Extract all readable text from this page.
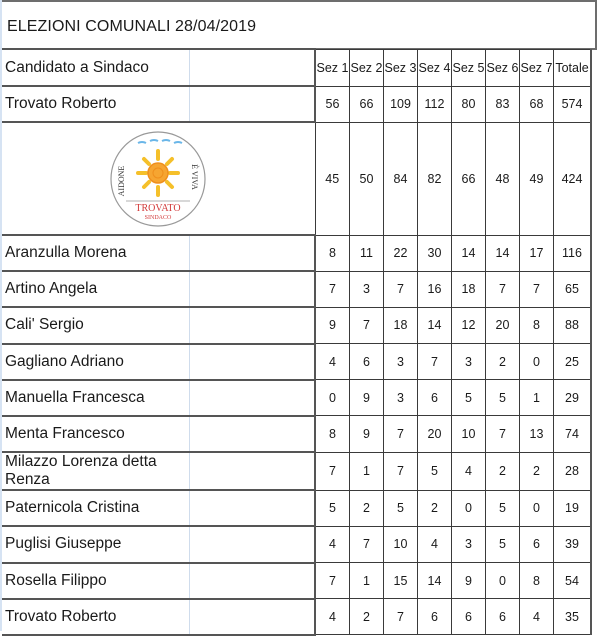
ELEZIONI COMUNALI 28/04/2019
Candidato a Sindaco		Sez 1	Sez 2	Sez 3	Sez 4	Sez 5	Sez 6	Sez 7	Totale
Trovato Roberto		56	66	109	112	80	83	68	574

AIDONE È VIVA
TROVATO
SINDACO		45	50	84	82	66	48	49	424
Aranzulla Morena		8	11	22	30	14	14	17	116
Artino Angela		7	3	7	16	18	7	7	65
Cali' Sergio		9	7	18	14	12	20	8	88
Gagliano Adriano		4	6	3	7	3	2	0	25
Manuella Francesca		0	9	3	6	5	5	1	29
Menta Francesco		8	9	7	20	10	7	13	74
Milazzo Lorenza detta Renza		7	1	7	5	4	2	2	28
Paternicola Cristina		5	2	5	2	0	5	0	19
Puglisi Giuseppe		4	7	10	4	3	5	6	39
Rosella Filippo		7	1	15	14	9	0	8	54
Trovato Roberto		4	2	7	6	6	6	4	35
